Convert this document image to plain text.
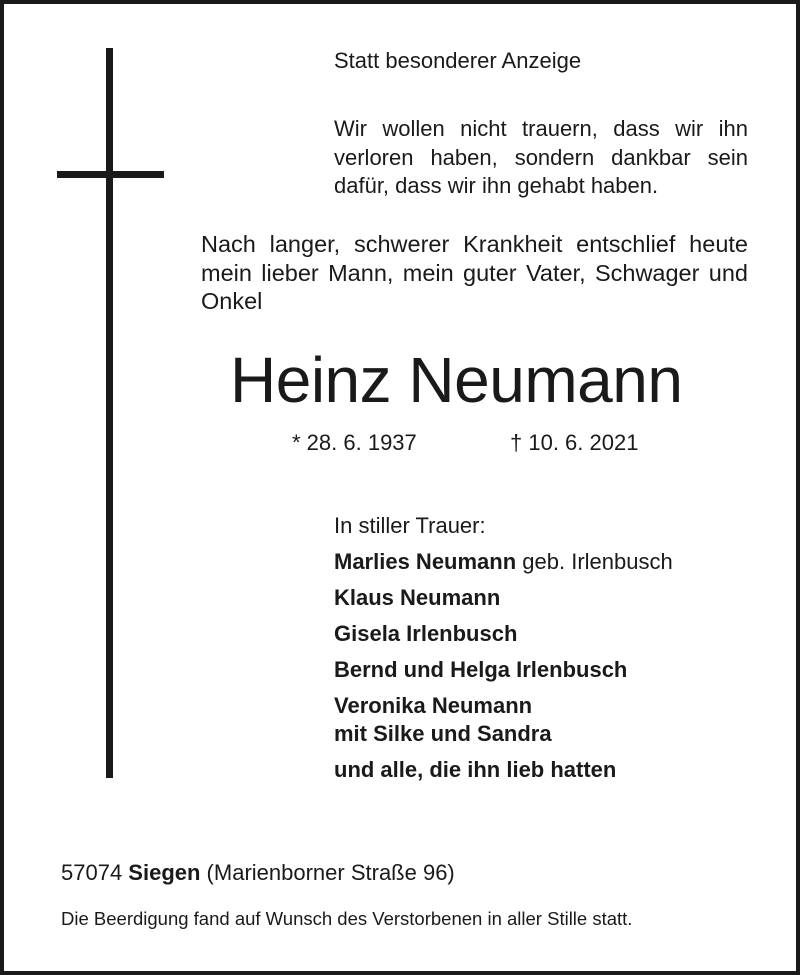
Statt besonderer Anzeige
Wir wollen nicht trauern, dass wir ihn verloren haben, sondern dankbar sein dafür, dass wir ihn gehabt haben.
Nach langer, schwerer Krankheit entschlief heute mein lieber Mann, mein guter Vater, Schwager und Onkel
Heinz Neumann
* 28. 6. 1937	† 10. 6. 2021
In stiller Trauer:
Marlies Neumann geb. Irlenbusch
Klaus Neumann
Gisela Irlenbusch
Bernd und Helga Irlenbusch
Veronika Neumann
mit Silke und Sandra
und alle, die ihn lieb hatten
57074 Siegen (Marienborner Straße 96)
Die Beerdigung fand auf Wunsch des Verstorbenen in aller Stille statt.
